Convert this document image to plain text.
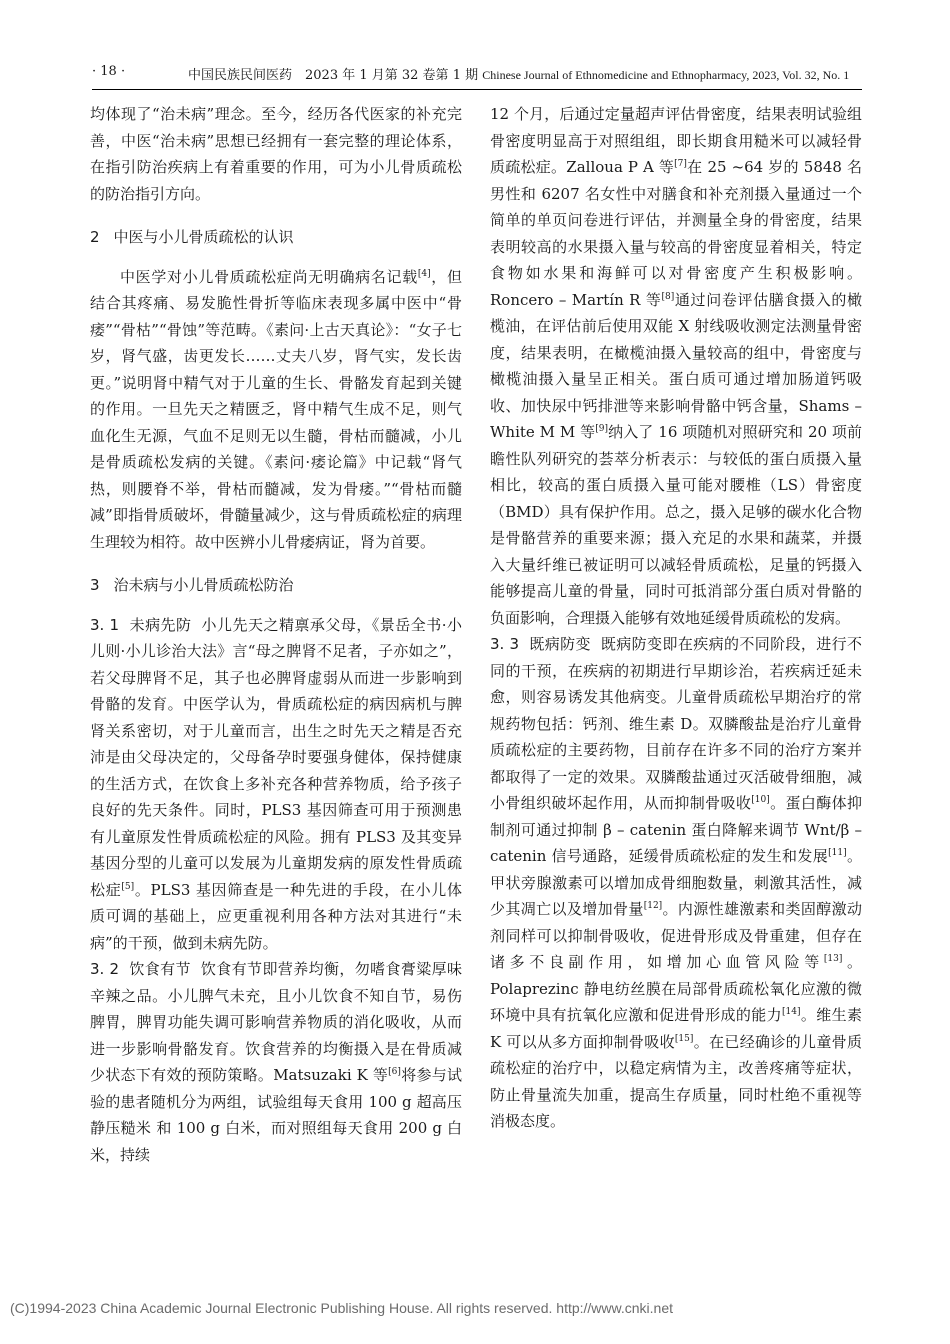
· 18 ·	中国民族民间医药　2023 年 1 月第 32 卷第 1 期 Chinese Journal of Ethnomedicine and Ethnopharmacy, 2023, Vol. 32, No. 1

均体现了“治未病”理念。至今，经历各代医家的补充完善，中医“治未病”思想已经拥有一套完整的理论体系，在指引防治疾病上有着重要的作用，可为小儿骨质疏松的防治指引方向。

2 中医与小儿骨质疏松的认识

中医学对小儿骨质疏松症尚无明确病名记载[4]，但结合其疼痛、易发脆性骨折等临床表现多属中医中“骨痿”“骨枯”“骨蚀”等范畴。《素问·上古天真论》：“女子七岁，肾气盛，齿更发长……丈夫八岁，肾气实，发长齿更。”说明肾中精气对于儿童的生长、骨骼发育起到关键的作用。一旦先天之精匮乏，肾中精气生成不足，则气血化生无源，气血不足则无以生髓，骨枯而髓减，小儿是骨质疏松发病的关键。《素问·痿论篇》中记载“肾气热，则腰脊不举，骨枯而髓减，发为骨痿。”“骨枯而髓减”即指骨质破坏，骨髓量减少，这与骨质疏松症的病理生理较为相符。故中医辨小儿骨痿病证，肾为首要。

3 治未病与小儿骨质疏松防治

3. 1 未病先防 小儿先天之精禀承父母，《景岳全书·小儿则·小儿诊治大法》言“母之脾肾不足者，子亦如之”，若父母脾肾不足，其子也必脾肾虚弱从而进一步影响到骨骼的发育。中医学认为，骨质疏松症的病因病机与脾肾关系密切，对于儿童而言，出生之时先天之精是否充沛是由父母决定的，父母备孕时要强身健体，保持健康的生活方式，在饮食上多补充各种营养物质，给予孩子良好的先天条件。同时，PLS3 基因筛查可用于预测患有儿童原发性骨质疏松症的风险。拥有 PLS3 及其变异基因分型的儿童可以发展为儿童期发病的原发性骨质疏松症[5]。PLS3 基因筛查是一种先进的手段，在小儿体质可调的基础上，应更重视利用各种方法对其进行“未病”的干预，做到未病先防。

3. 2 饮食有节 饮食有节即营养均衡，勿嗜食膏粱厚味辛辣之品。小儿脾气未充，且小儿饮食不知自节，易伤脾胃，脾胃功能失调可影响营养物质的消化吸收，从而进一步影响骨骼发育。饮食营养的均衡摄入是在骨质减少状态下有效的预防策略。Matsuzaki K 等[6]将参与试验的患者随机分为两组，试验组每天食用 100 g 超高压静压糙米 和 100 g 白米，而对照组每天食用 200 g 白米，持续

12 个月，后通过定量超声评估骨密度，结果表明试验组骨密度明显高于对照组组，即长期食用糙米可以减轻骨质疏松症。Zalloua P A 等[7]在 25 ~64 岁的 5848 名男性和 6207 名女性中对膳食和补充剂摄入量通过一个简单的单页问卷进行评估，并测量全身的骨密度，结果表明较高的水果摄入量与较高的骨密度显着相关，特定食物如水果和海鲜可以对骨密度产生积极影响。Roncero – Martín R 等[8]通过问卷评估膳食摄入的橄榄油，在评估前后使用双能 X 射线吸收测定法测量骨密度，结果表明，在橄榄油摄入量较高的组中，骨密度与橄榄油摄入量呈正相关。蛋白质可通过增加肠道钙吸收、加快尿中钙排泄等来影响骨骼中钙含量，Shams – White M M 等[9]纳入了 16 项随机对照研究和 20 项前瞻性队列研究的荟萃分析表示：与较低的蛋白质摄入量相比，较高的蛋白质摄入量可能对腰椎（LS）骨密度（BMD）具有保护作用。总之，摄入足够的碳水化合物是骨骼营养的重要来源；摄入充足的水果和蔬菜，并摄入大量纤维已被证明可以减轻骨质疏松，足量的钙摄入能够提高儿童的骨量，同时可抵消部分蛋白质对骨骼的负面影响，合理摄入能够有效地延缓骨质疏松的发病。

3. 3 既病防变 既病防变即在疾病的不同阶段，进行不同的干预，在疾病的初期进行早期诊治，若疾病迁延未愈，则容易诱发其他病变。儿童骨质疏松早期治疗的常规药物包括：钙剂、维生素 D。双膦酸盐是治疗儿童骨质疏松症的主要药物，目前存在许多不同的治疗方案并都取得了一定的效果。双膦酸盐通过灭活破骨细胞，减小骨组织破坏起作用，从而抑制骨吸收[10]。蛋白酶体抑制剂可通过抑制 β – catenin 蛋白降解来调节 Wnt/β – catenin 信号通路，延缓骨质疏松症的发生和发展[11]。甲状旁腺激素可以增加成骨细胞数量，刺激其活性，减少其凋亡以及增加骨量[12]。内源性雄激素和类固醇激动剂同样可以抑制骨吸收，促进骨形成及骨重建，但存在诸多不良副作用，如增加心血管风险等[13]。Polaprezinc 静电纺丝膜在局部骨质疏松氧化应激的微环境中具有抗氧化应激和促进骨形成的能力[14]。维生素 K 可以从多方面抑制骨吸收[15]。在已经确诊的儿童骨质疏松症的治疗中，以稳定病情为主，改善疼痛等症状，防止骨量流失加重，提高生存质量，同时杜绝不重视等消极态度。

(C)1994-2023 China Academic Journal Electronic Publishing House. All rights reserved. http://www.cnki.net
